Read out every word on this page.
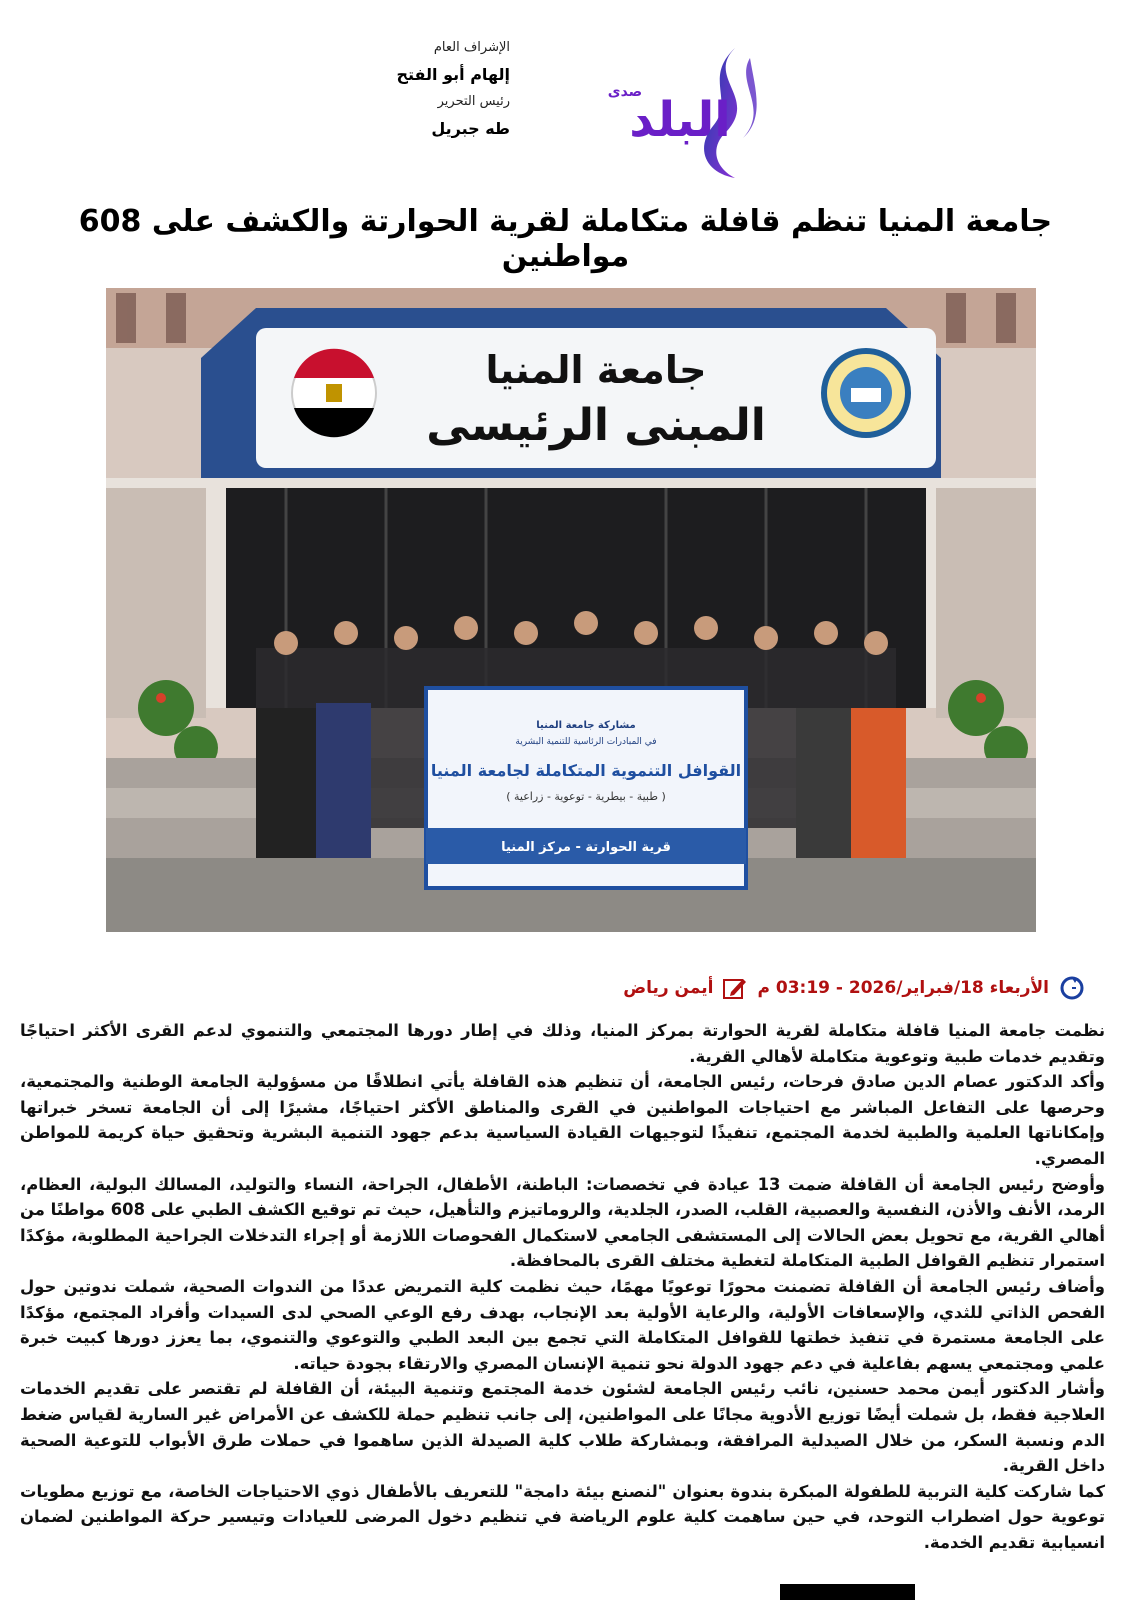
الإشراف العام
إلهام أبو الفتح
رئيس التحرير
طه جبريل البلد
صدى
جامعة المنيا تنظم قافلة متكاملة لقرية الحوارتة والكشف على 608 مواطنين
جامعة المنيا
المبنى الرئيسى
مشاركة جامعة المنيا
في المبادرات الرئاسية للتنمية البشرية
القوافل التنموية المتكاملة لجامعة المنيا
( طبية - بيطرية - توعوية - زراعية )
قرية الحوارتة - مركز المنيا
الأربعاء 18/فبراير/2026 - 03:19 م
أيمن رياض

نظمت جامعة المنيا قافلة متكاملة لقرية الحوارتة بمركز المنيا، وذلك في إطار دورها المجتمعي والتنموي لدعم القرى الأكثر احتياجًا وتقديم خدمات طبية وتوعوية متكاملة لأهالي القرية.

وأكد الدكتور عصام الدين صادق فرحات، رئيس الجامعة، أن تنظيم هذه القافلة يأتي انطلاقًا من مسؤولية الجامعة الوطنية والمجتمعية، وحرصها على التفاعل المباشر مع احتياجات المواطنين في القرى والمناطق الأكثر احتياجًا، مشيرًا إلى أن الجامعة تسخر خبراتها وإمكاناتها العلمية والطبية لخدمة المجتمع، تنفيذًا لتوجيهات القيادة السياسية بدعم جهود التنمية البشرية وتحقيق حياة كريمة للمواطن المصري.

وأوضح رئيس الجامعة أن القافلة ضمت 13 عيادة في تخصصات: الباطنة، الأطفال، الجراحة، النساء والتوليد، المسالك البولية، العظام، الرمد، الأنف والأذن، النفسية والعصبية، القلب، الصدر، الجلدية، والروماتيزم والتأهيل، حيث تم توقيع الكشف الطبي على 608 مواطنًا من أهالي القرية، مع تحويل بعض الحالات إلى المستشفى الجامعي لاستكمال الفحوصات اللازمة أو إجراء التدخلات الجراحية المطلوبة، مؤكدًا استمرار تنظيم القوافل الطبية المتكاملة لتغطية مختلف القرى بالمحافظة.

وأضاف رئيس الجامعة أن القافلة تضمنت محورًا توعويًا مهمًا، حيث نظمت كلية التمريض عددًا من الندوات الصحية، شملت ندوتين حول الفحص الذاتي للثدي، والإسعافات الأولية، والرعاية الأولية بعد الإنجاب، بهدف رفع الوعي الصحي لدى السيدات وأفراد المجتمع، مؤكدًا على الجامعة مستمرة في تنفيذ خطتها للقوافل المتكاملة التي تجمع بين البعد الطبي والتوعوي والتنموي، بما يعزز دورها كبيت خبرة علمي ومجتمعي يسهم بفاعلية في دعم جهود الدولة نحو تنمية الإنسان المصري والارتقاء بجودة حياته.

وأشار الدكتور أيمن محمد حسنين، نائب رئيس الجامعة لشئون خدمة المجتمع وتنمية البيئة، أن القافلة لم تقتصر على تقديم الخدمات العلاجية فقط، بل شملت أيضًا توزيع الأدوية مجانًا على المواطنين، إلى جانب تنظيم حملة للكشف عن الأمراض غير السارية لقياس ضغط الدم ونسبة السكر، من خلال الصيدلية المرافقة، وبمشاركة طلاب كلية الصيدلة الذين ساهموا في حملات طرق الأبواب للتوعية الصحية داخل القرية.

كما شاركت كلية التربية للطفولة المبكرة بندوة بعنوان "لنصنع بيئة دامجة" للتعريف بالأطفال ذوي الاحتياجات الخاصة، مع توزيع مطويات توعوية حول اضطراب التوحد، في حين ساهمت كلية علوم الرياضة في تنظيم دخول المرضى للعيادات وتيسير حركة المواطنين لضمان انسيابية تقديم الخدمة.
